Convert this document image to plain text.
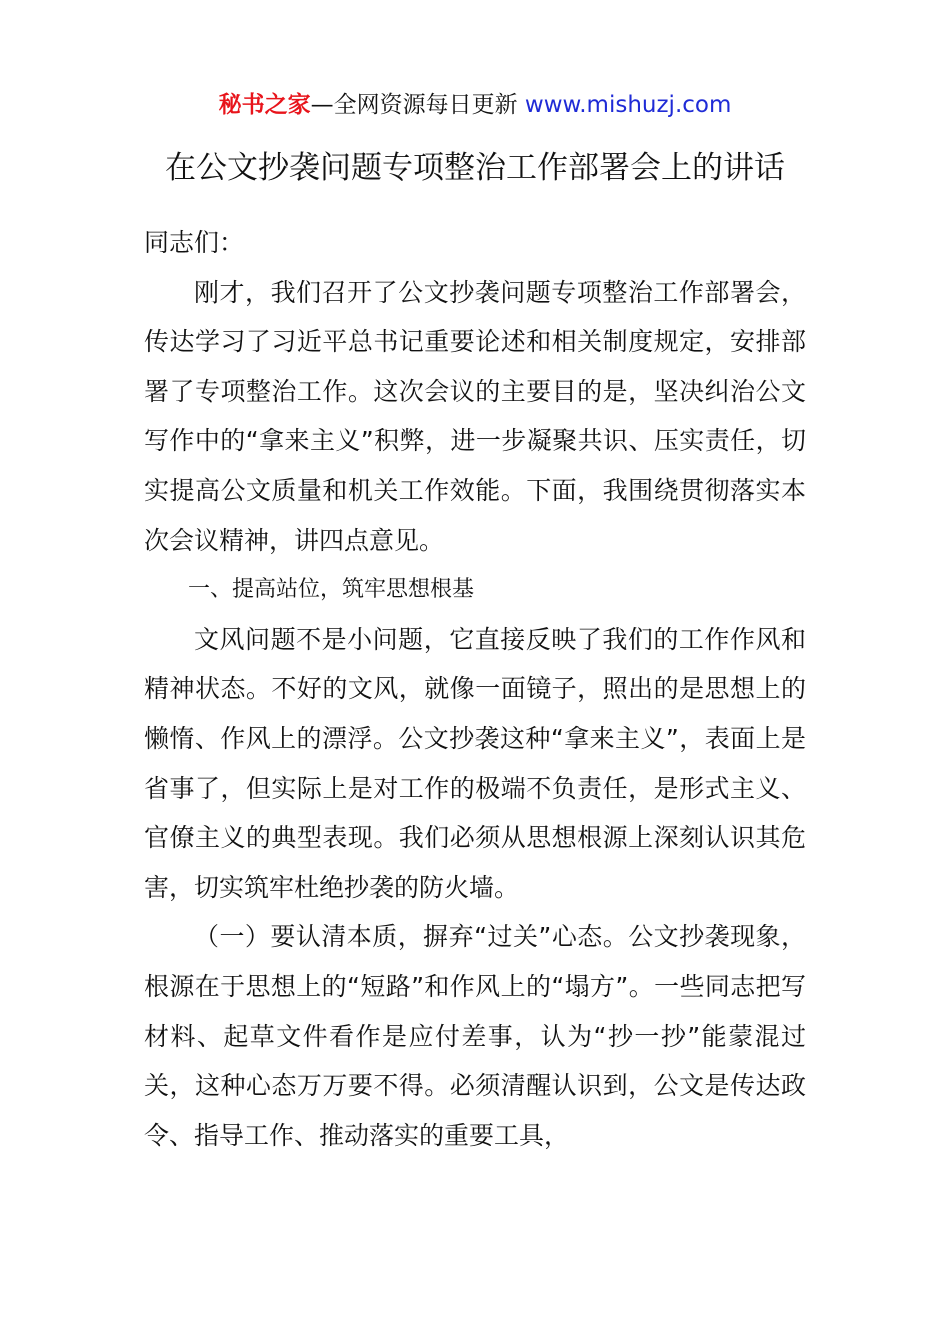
秘书之家—全网资源每日更新 www.mishuzj.com
在公文抄袭问题专项整治工作部署会上的讲话

同志们：

刚才，我们召开了公文抄袭问题专项整治工作部署会，传达学习了习近平总书记重要论述和相关制度规定，安排部署了专项整治工作。这次会议的主要目的是，坚决纠治公文写作中的“拿来主义”积弊，进一步凝聚共识、压实责任，切实提高公文质量和机关工作效能。下面，我围绕贯彻落实本次会议精神，讲四点意见。

一、提高站位，筑牢思想根基

文风问题不是小问题，它直接反映了我们的工作作风和精神状态。不好的文风，就像一面镜子，照出的是思想上的懒惰、作风上的漂浮。公文抄袭这种“拿来主义”，表面上是省事了，但实际上是对工作的极端不负责任，是形式主义、官僚主义的典型表现。我们必须从思想根源上深刻认识其危害，切实筑牢杜绝抄袭的防火墙。

（一）要认清本质，摒弃“过关”心态。公文抄袭现象，根源在于思想上的“短路”和作风上的“塌方”。一些同志把写材料、起草文件看作是应付差事，认为“抄一抄”能蒙混过关，这种心态万万要不得。必须清醒认识到，公文是传达政令、指导工作、推动落实的重要工具，
